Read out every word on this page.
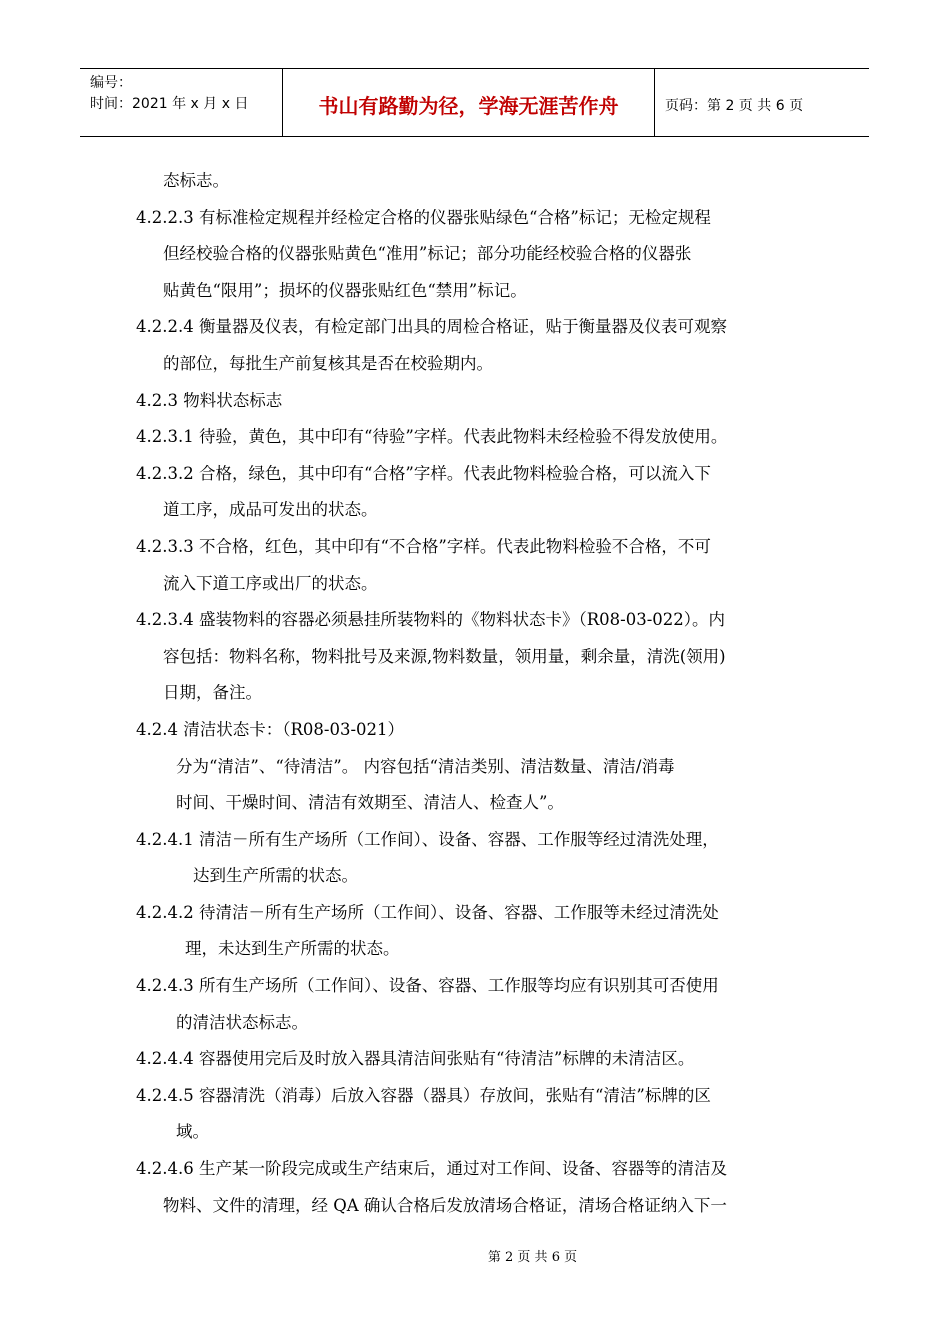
编号：
时间：2021 年 x 月 x 日	书山有路勤为径，学海无涯苦作舟	页码：第 2 页 共 6 页
态标志。
4.2.2.3 有标准检定规程并经检定合格的仪器张贴绿色“合格”标记；无检定规程
但经校验合格的仪器张贴黄色“准用”标记；部分功能经校验合格的仪器张
贴黄色“限用”；损坏的仪器张贴红色“禁用”标记。
4.2.2.4 衡量器及仪表，有检定部门出具的周检合格证，贴于衡量器及仪表可观察
的部位，每批生产前复核其是否在校验期内。
4.2.3 物料状态标志
4.2.3.1 待验，黄色，其中印有“待验”字样。代表此物料未经检验不得发放使用。
4.2.3.2 合格，绿色，其中印有“合格”字样。代表此物料检验合格，可以流入下
道工序，成品可发出的状态。
4.2.3.3 不合格，红色，其中印有“不合格”字样。代表此物料检验不合格，不可
流入下道工序或出厂的状态。
4.2.3.4 盛装物料的容器必须悬挂所装物料的《物料状态卡》（R08-03-022）。内
容包括：物料名称，物料批号及来源,物料数量，领用量，剩余量，清洗(领用)
日期，备注。
4.2.4 清洁状态卡：（R08-03-021）
分为“清洁”、“待清洁”。 内容包括“清洁类别、清洁数量、清洁/消毒
时间、干燥时间、清洁有效期至、清洁人、检查人”。
4.2.4.1 清洁－所有生产场所（工作间）、设备、容器、工作服等经过清洗处理，
达到生产所需的状态。
4.2.4.2 待清洁－所有生产场所（工作间）、设备、容器、工作服等未经过清洗处
理，未达到生产所需的状态。
4.2.4.3 所有生产场所（工作间）、设备、容器、工作服等均应有识别其可否使用
的清洁状态标志。
4.2.4.4 容器使用完后及时放入器具清洁间张贴有“待清洁”标牌的未清洁区。
4.2.4.5 容器清洗（消毒）后放入容器（器具）存放间，张贴有“清洁”标牌的区
域。
4.2.4.6 生产某一阶段完成或生产结束后，通过对工作间、设备、容器等的清洁及
物料、文件的清理，经 QA 确认合格后发放清场合格证，清场合格证纳入下一
第 2 页 共 6 页
